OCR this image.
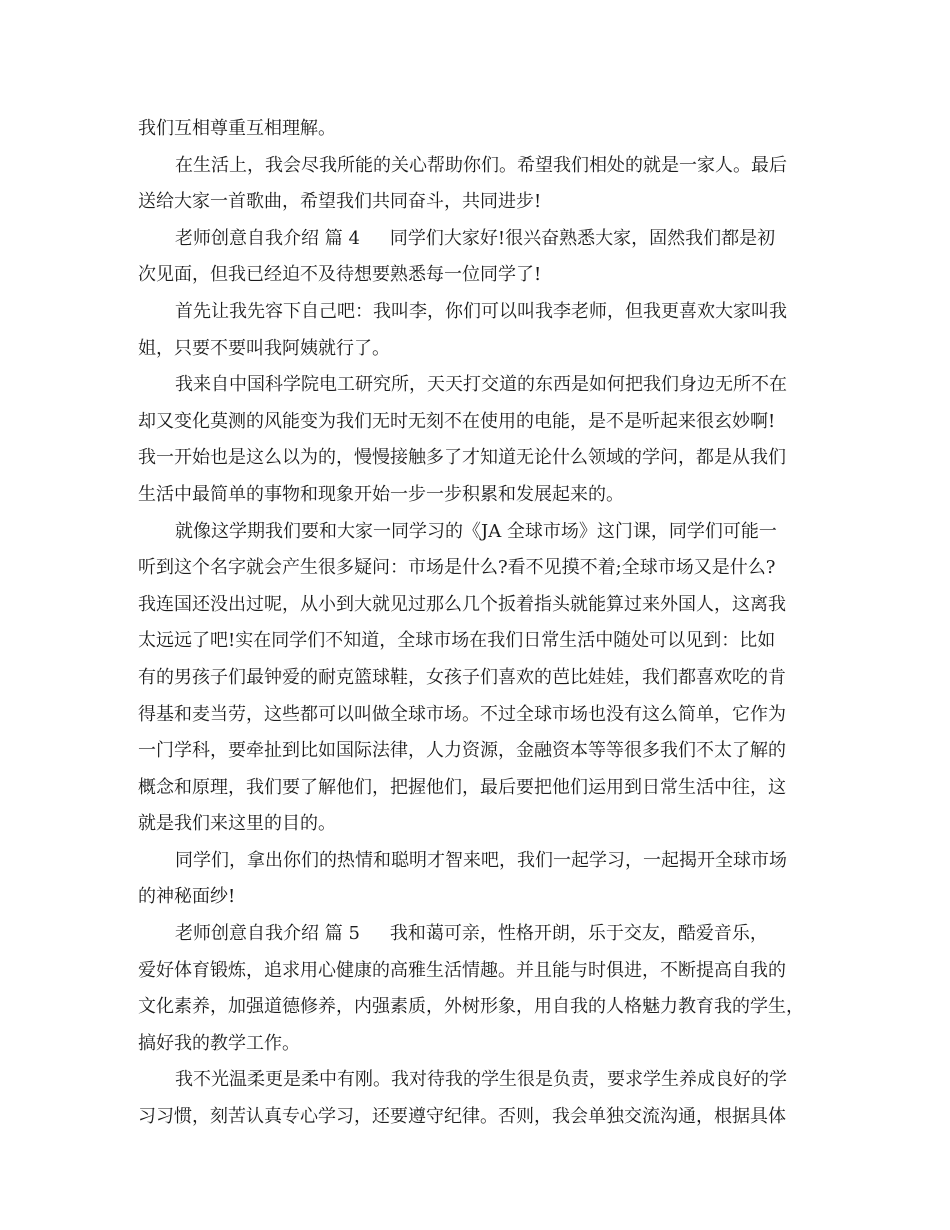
我们互相尊重互相理解。
在生活上，我会尽我所能的关心帮助你们。希望我们相处的就是一家人。最后
送给大家一首歌曲，希望我们共同奋斗，共同进步!
老师创意自我介绍 篇 4 同学们大家好!很兴奋熟悉大家，固然我们都是初
次见面，但我已经迫不及待想要熟悉每一位同学了!
首先让我先容下自己吧：我叫李，你们可以叫我李老师，但我更喜欢大家叫我
姐，只要不要叫我阿姨就行了。
我来自中国科学院电工研究所，天天打交道的东西是如何把我们身边无所不在
却又变化莫测的风能变为我们无时无刻不在使用的电能，是不是听起来很玄妙啊!
我一开始也是这么以为的，慢慢接触多了才知道无论什么领域的学问，都是从我们
生活中最简单的事物和现象开始一步一步积累和发展起来的。
就像这学期我们要和大家一同学习的《JA 全球市场》这门课，同学们可能一
听到这个名字就会产生很多疑问：市场是什么?看不见摸不着;全球市场又是什么?
我连国还没出过呢，从小到大就见过那么几个扳着指头就能算过来外国人，这离我
太远远了吧!实在同学们不知道，全球市场在我们日常生活中随处可以见到：比如
有的男孩子们最钟爱的耐克篮球鞋，女孩子们喜欢的芭比娃娃，我们都喜欢吃的肯
得基和麦当劳，这些都可以叫做全球市场。不过全球市场也没有这么简单，它作为
一门学科，要牵扯到比如国际法律，人力资源，金融资本等等很多我们不太了解的
概念和原理，我们要了解他们，把握他们，最后要把他们运用到日常生活中往，这
就是我们来这里的目的。
同学们，拿出你们的热情和聪明才智来吧，我们一起学习，一起揭开全球市场
的神秘面纱!
老师创意自我介绍 篇 5 我和蔼可亲，性格开朗，乐于交友，酷爱音乐，
爱好体育锻炼，追求用心健康的高雅生活情趣。并且能与时俱进，不断提高自我的
文化素养，加强道德修养，内强素质，外树形象，用自我的人格魅力教育我的学生，
搞好我的教学工作。
我不光温柔更是柔中有刚。我对待我的学生很是负责，要求学生养成良好的学
习习惯，刻苦认真专心学习，还要遵守纪律。否则，我会单独交流沟通，根据具体
